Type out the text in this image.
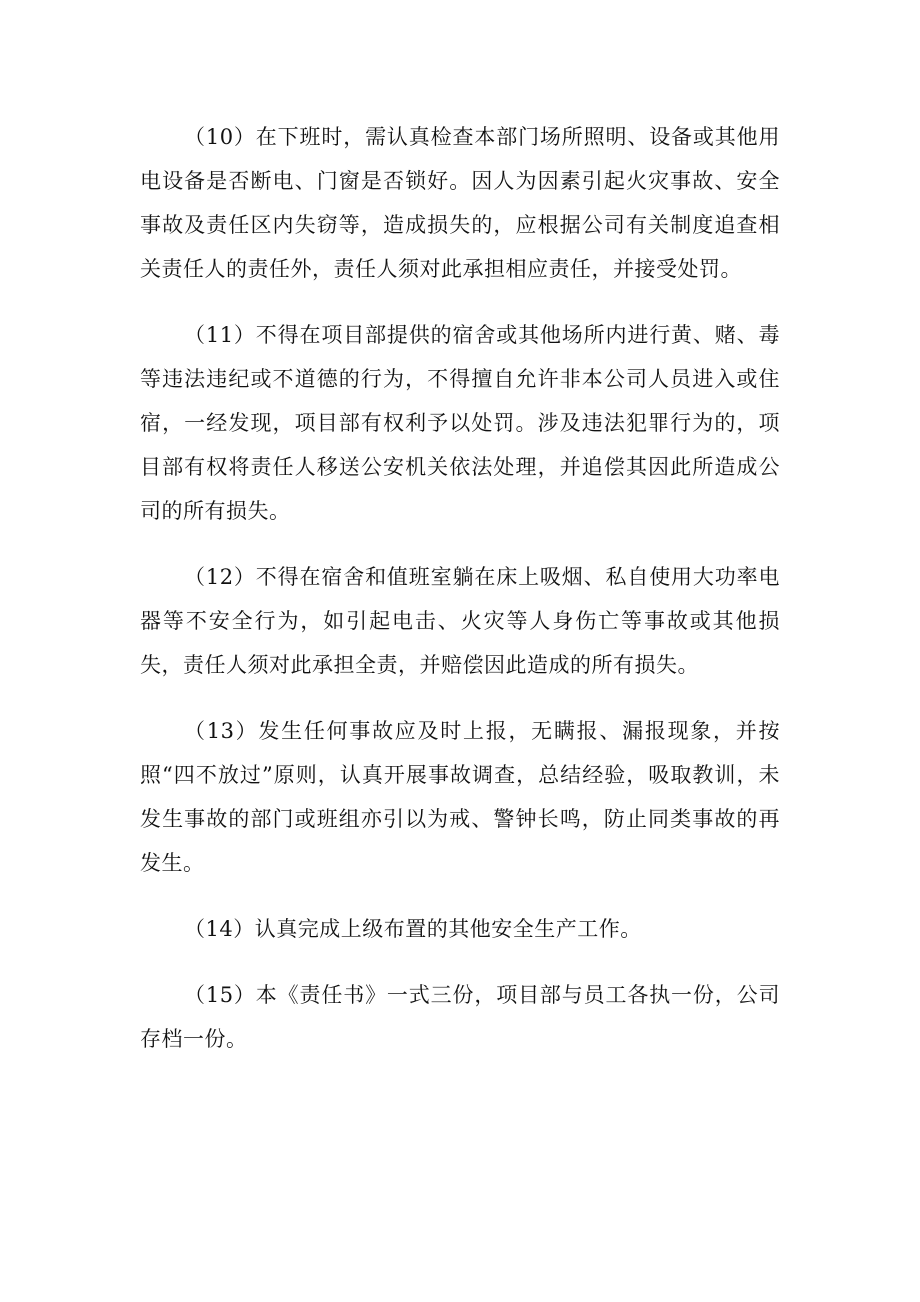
（10）在下班时，需认真检查本部门场所照明、设备或其他用电设备是否断电、门窗是否锁好。因人为因素引起火灾事故、安全事故及责任区内失窃等，造成损失的，应根据公司有关制度追查相关责任人的责任外，责任人须对此承担相应责任，并接受处罚。

（11）不得在项目部提供的宿舍或其他场所内进行黄、赌、毒等违法违纪或不道德的行为，不得擅自允许非本公司人员进入或住宿，一经发现，项目部有权利予以处罚。涉及违法犯罪行为的，项目部有权将责任人移送公安机关依法处理，并追偿其因此所造成公司的所有损失。

（12）不得在宿舍和值班室躺在床上吸烟、私自使用大功率电器等不安全行为，如引起电击、火灾等人身伤亡等事故或其他损失，责任人须对此承担全责，并赔偿因此造成的所有损失。

（13）发生任何事故应及时上报，无瞒报、漏报现象，并按照“四不放过”原则，认真开展事故调查，总结经验，吸取教训，未发生事故的部门或班组亦引以为戒、警钟长鸣，防止同类事故的再发生。

（14）认真完成上级布置的其他安全生产工作。

（15）本《责任书》一式三份，项目部与员工各执一份，公司存档一份。
